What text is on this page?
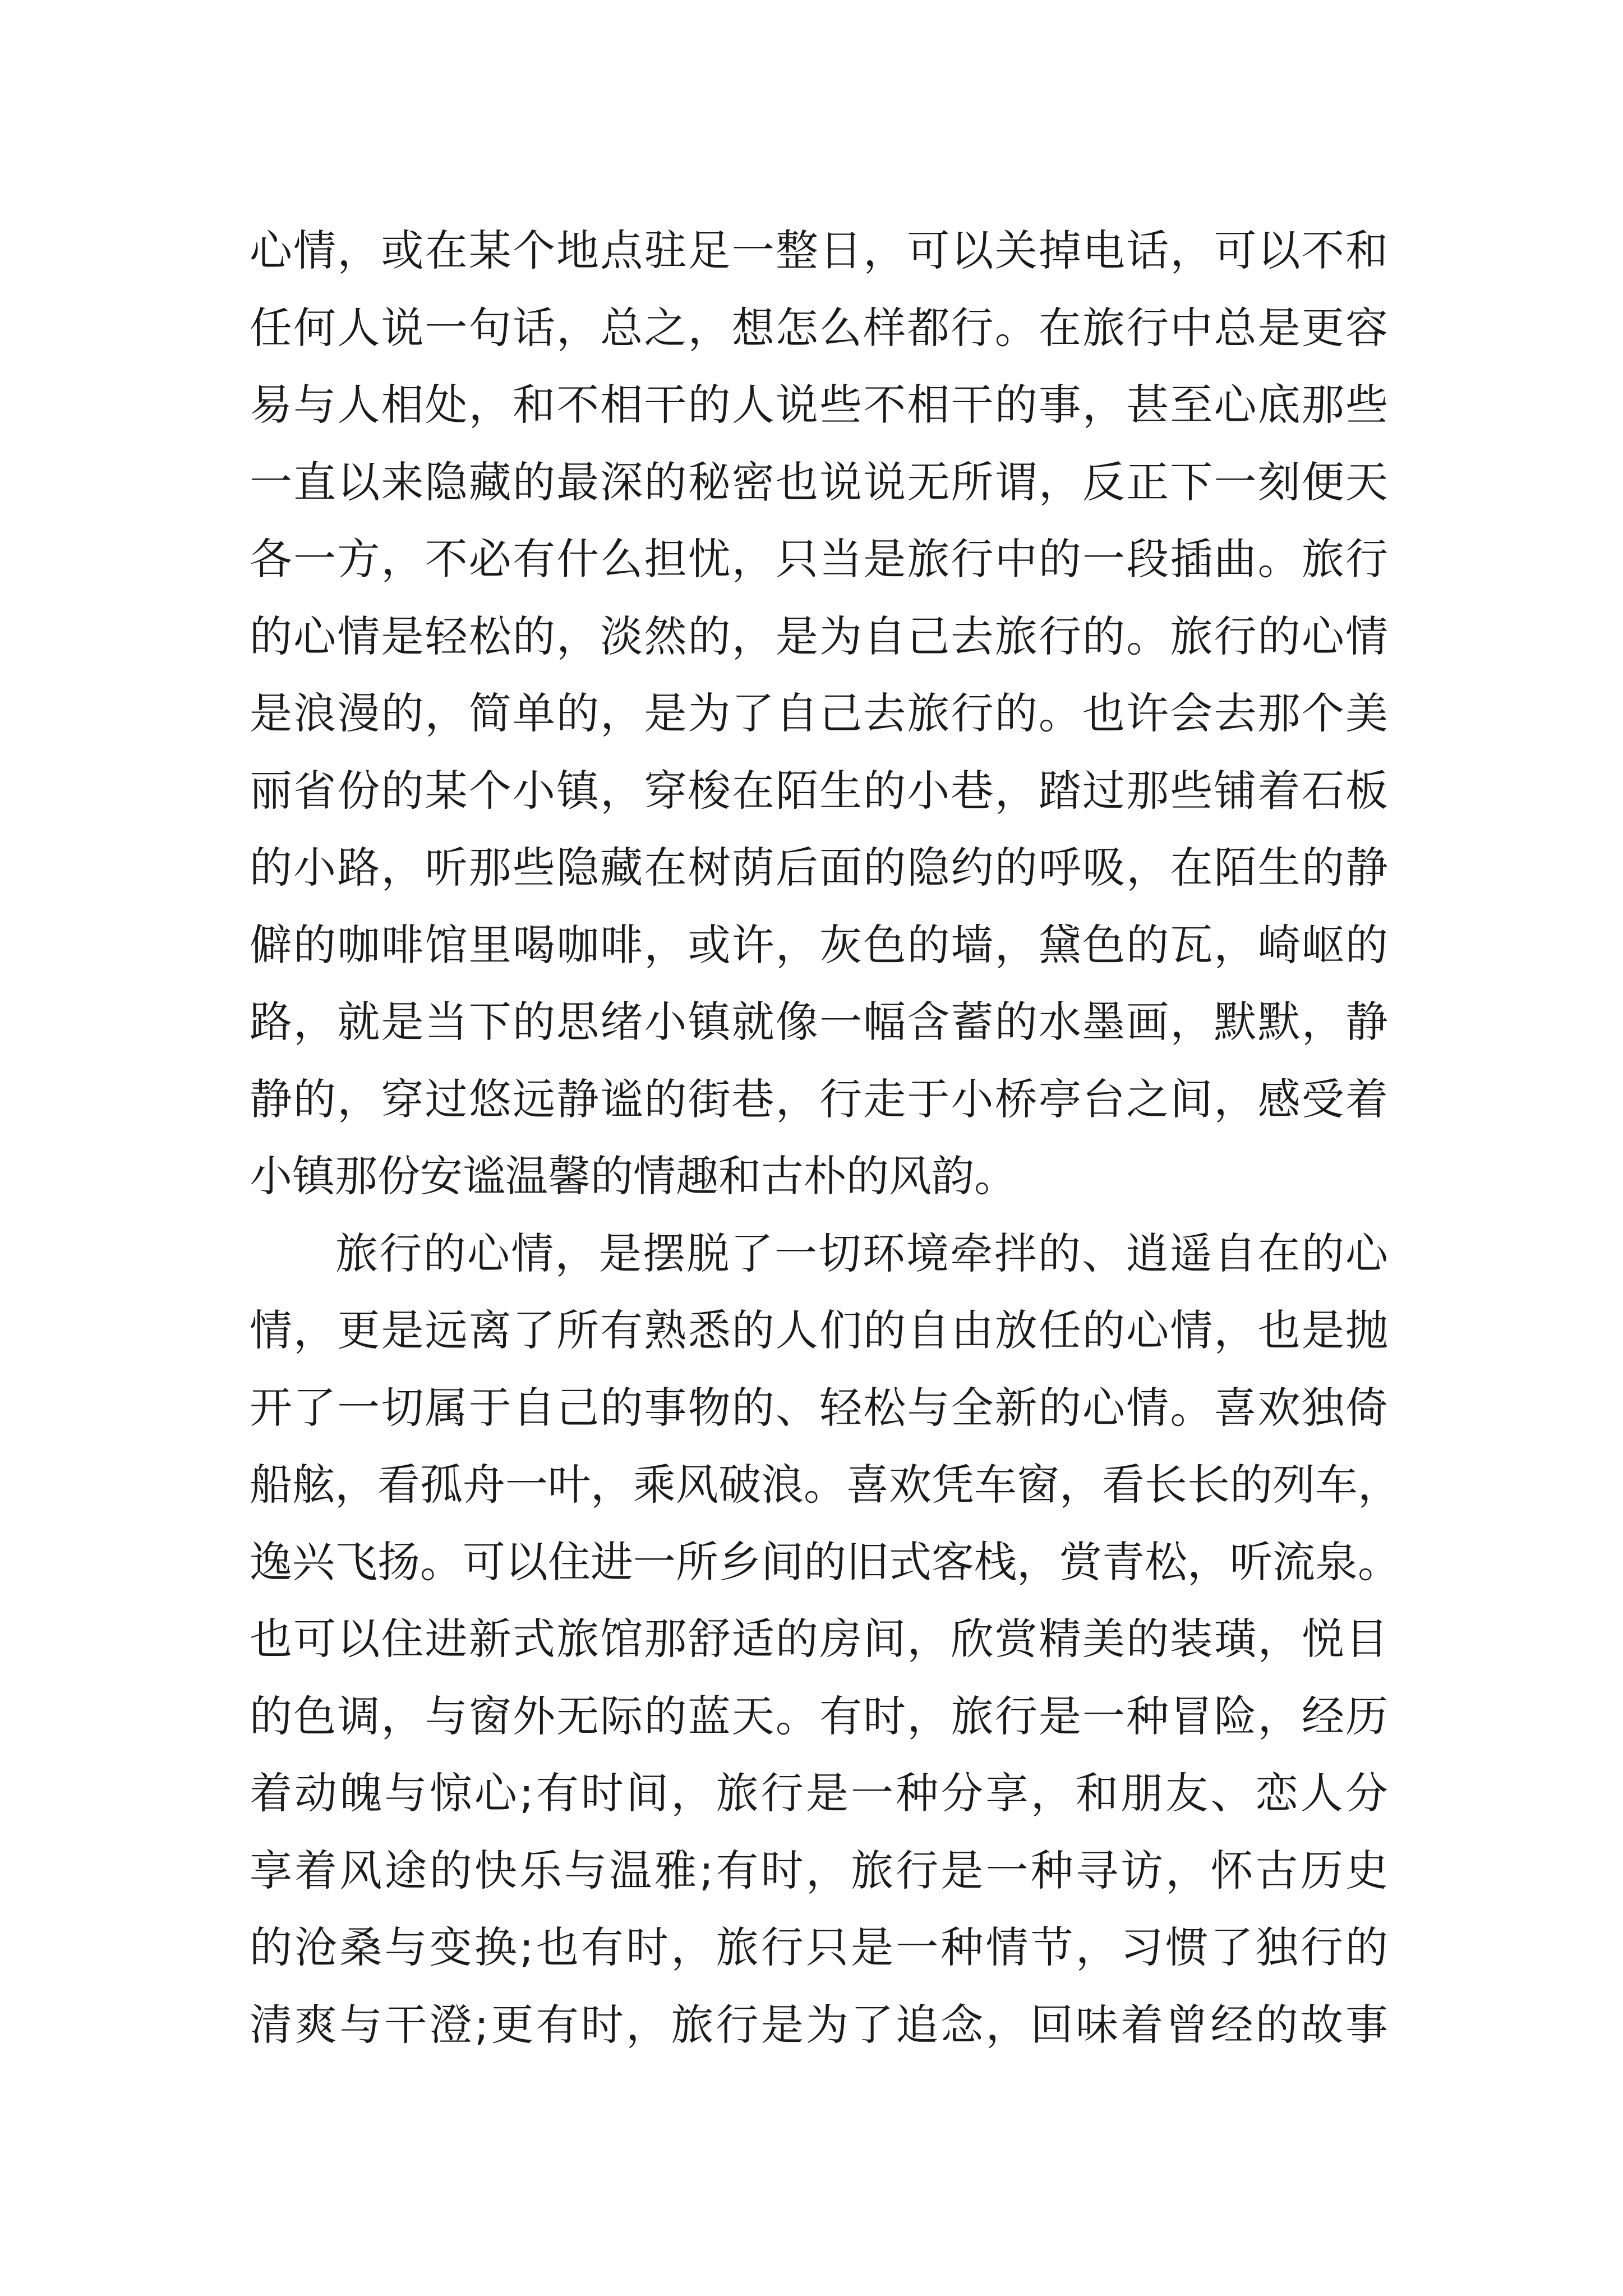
心情，或在某个地点驻足一整日，可以关掉电话，可以不和
任何人说一句话，总之，想怎么样都行。在旅行中总是更容
易与人相处，和不相干的人说些不相干的事，甚至心底那些
一直以来隐藏的最深的秘密也说说无所谓，反正下一刻便天
各一方，不必有什么担忧，只当是旅行中的一段插曲。旅行
的心情是轻松的，淡然的，是为自己去旅行的。旅行的心情
是浪漫的，简单的，是为了自己去旅行的。也许会去那个美
丽省份的某个小镇，穿梭在陌生的小巷，踏过那些铺着石板
的小路，听那些隐藏在树荫后面的隐约的呼吸，在陌生的静
僻的咖啡馆里喝咖啡，或许，灰色的墙，黛色的瓦，崎岖的
路，就是当下的思绪小镇就像一幅含蓄的水墨画，默默，静
静的，穿过悠远静谧的街巷，行走于小桥亭台之间，感受着
小镇那份安谧温馨的情趣和古朴的风韵。
旅行的心情，是摆脱了一切环境牵拌的、逍遥自在的心
情，更是远离了所有熟悉的人们的自由放任的心情，也是抛
开了一切属于自己的事物的、轻松与全新的心情。喜欢独倚
船舷，看孤舟一叶，乘风破浪。喜欢凭车窗，看长长的列车，
逸兴飞扬。可以住进一所乡间的旧式客栈，赏青松，听流泉。
也可以住进新式旅馆那舒适的房间，欣赏精美的装璜，悦目
的色调，与窗外无际的蓝天。有时，旅行是一种冒险，经历
着动魄与惊心;有时间，旅行是一种分享，和朋友、恋人分
享着风途的快乐与温雅;有时，旅行是一种寻访，怀古历史
的沧桑与变换;也有时，旅行只是一种情节，习惯了独行的
清爽与干澄;更有时，旅行是为了追念，回味着曾经的故事
